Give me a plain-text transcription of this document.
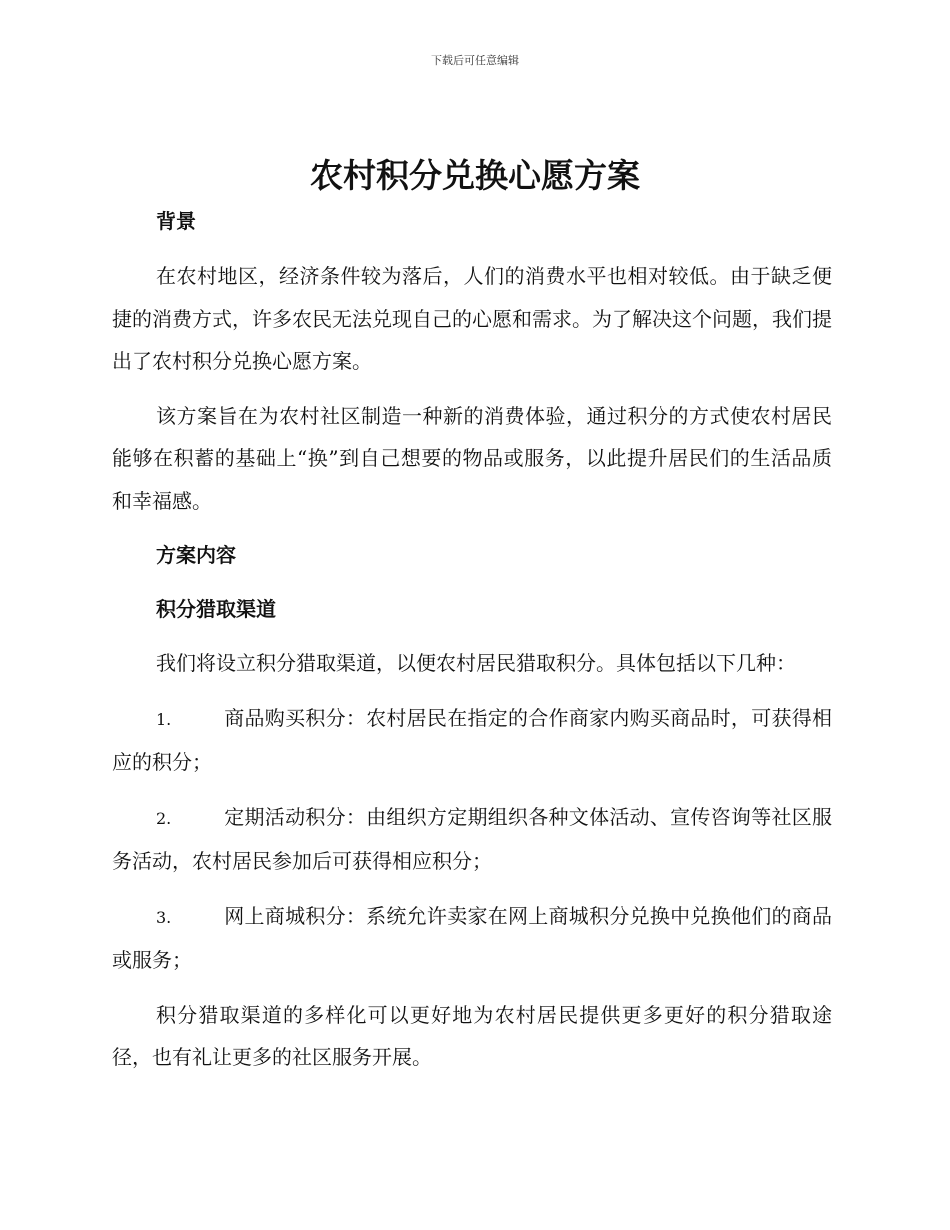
下载后可任意编辑
农村积分兑换心愿方案
背景
在农村地区，经济条件较为落后，人们的消费水平也相对较低。由于缺乏便捷的消费方式，许多农民无法兑现自己的心愿和需求。为了解决这个问题，我们提出了农村积分兑换心愿方案。
该方案旨在为农村社区制造一种新的消费体验，通过积分的方式使农村居民能够在积蓄的基础上“换”到自己想要的物品或服务，以此提升居民们的生活品质和幸福感。
方案内容
积分猎取渠道
我们将设立积分猎取渠道，以便农村居民猎取积分。具体包括以下几种：
1.	商品购买积分：农村居民在指定的合作商家内购买商品时，可获得相应的积分；
2.	定期活动积分：由组织方定期组织各种文体活动、宣传咨询等社区服务活动，农村居民参加后可获得相应积分；
3.	网上商城积分：系统允许卖家在网上商城积分兑换中兑换他们的商品或服务；
积分猎取渠道的多样化可以更好地为农村居民提供更多更好的积分猎取途径，也有礼让更多的社区服务开展。
